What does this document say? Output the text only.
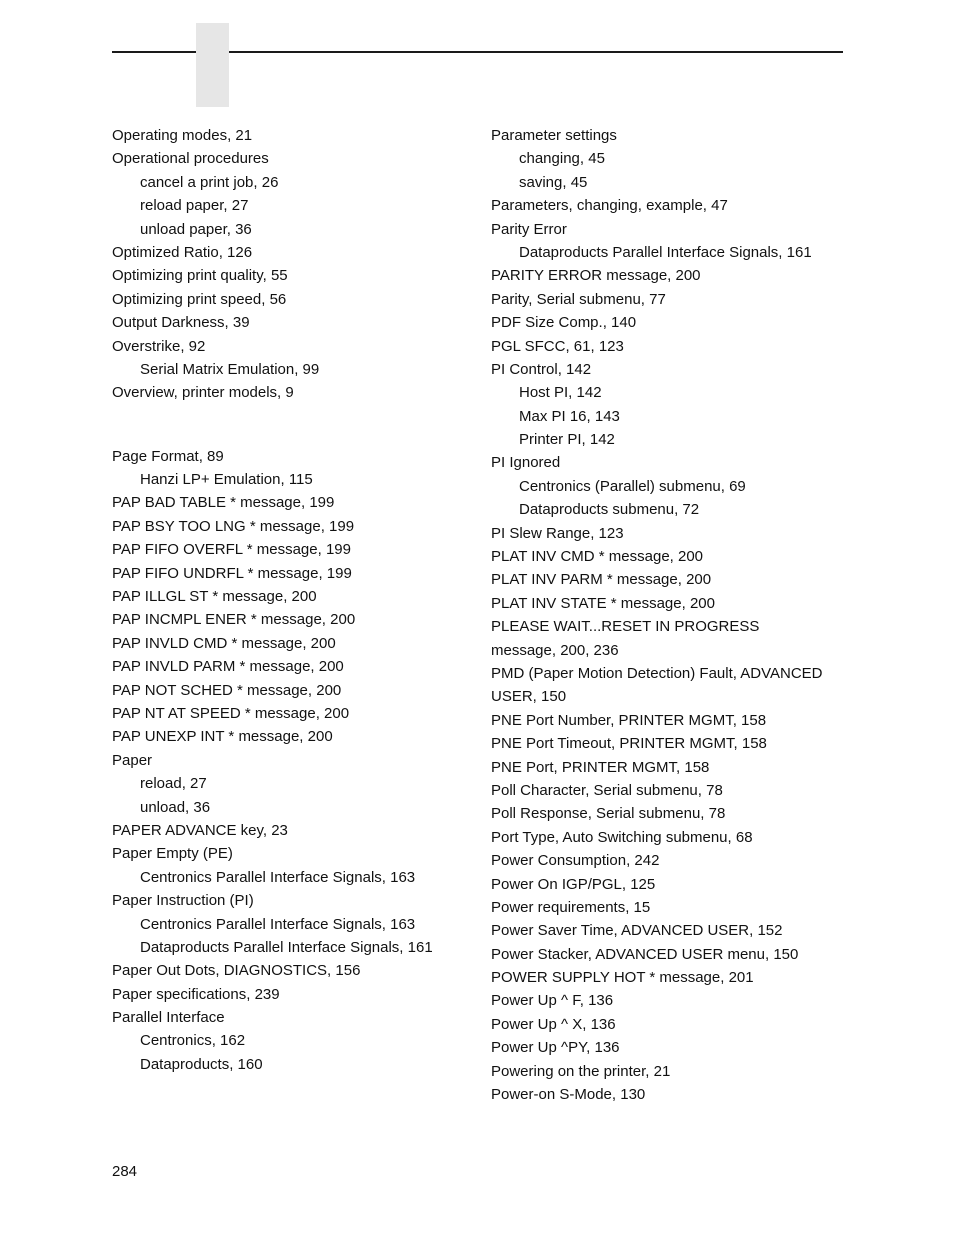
Operating modes, 21
Operational procedures
cancel a print job, 26
reload paper, 27
unload paper, 36
Optimized Ratio, 126
Optimizing print quality, 55
Optimizing print speed, 56
Output Darkness, 39
Overstrike, 92
Serial Matrix Emulation, 99
Overview, printer models, 9
Page Format, 89
Hanzi LP+ Emulation, 115
PAP BAD TABLE * message, 199
PAP BSY TOO LNG * message, 199
PAP FIFO OVERFL * message, 199
PAP FIFO UNDRFL * message, 199
PAP ILLGL ST * message, 200
PAP INCMPL ENER * message, 200
PAP INVLD CMD * message, 200
PAP INVLD PARM * message, 200
PAP NOT SCHED * message, 200
PAP NT AT SPEED * message, 200
PAP UNEXP INT * message, 200
Paper
reload, 27
unload, 36
PAPER ADVANCE key, 23
Paper Empty (PE)
Centronics Parallel Interface Signals, 163
Paper Instruction (PI)
Centronics Parallel Interface Signals, 163
Dataproducts Parallel Interface Signals, 161
Paper Out Dots, DIAGNOSTICS, 156
Paper specifications, 239
Parallel Interface
Centronics, 162
Dataproducts, 160
Parameter settings
changing, 45
saving, 45
Parameters, changing, example, 47
Parity Error
Dataproducts Parallel Interface Signals, 161
PARITY ERROR message, 200
Parity, Serial submenu, 77
PDF Size Comp., 140
PGL SFCC, 61, 123
PI Control, 142
Host PI, 142
Max PI 16, 143
Printer PI, 142
PI Ignored
Centronics (Parallel) submenu, 69
Dataproducts submenu, 72
PI Slew Range, 123
PLAT INV CMD * message, 200
PLAT INV PARM * message, 200
PLAT INV STATE * message, 200
PLEASE WAIT...RESET IN PROGRESS
message, 200, 236
PMD (Paper Motion Detection) Fault, ADVANCED
USER, 150
PNE Port Number, PRINTER MGMT, 158
PNE Port Timeout, PRINTER MGMT, 158
PNE Port, PRINTER MGMT, 158
Poll Character, Serial submenu, 78
Poll Response, Serial submenu, 78
Port Type, Auto Switching submenu, 68
Power Consumption, 242
Power On IGP/PGL, 125
Power requirements, 15
Power Saver Time, ADVANCED USER, 152
Power Stacker, ADVANCED USER menu, 150
POWER SUPPLY HOT * message, 201
Power Up ^ F, 136
Power Up ^ X, 136
Power Up ^PY, 136
Powering on the printer, 21
Power-on S-Mode, 130
284
